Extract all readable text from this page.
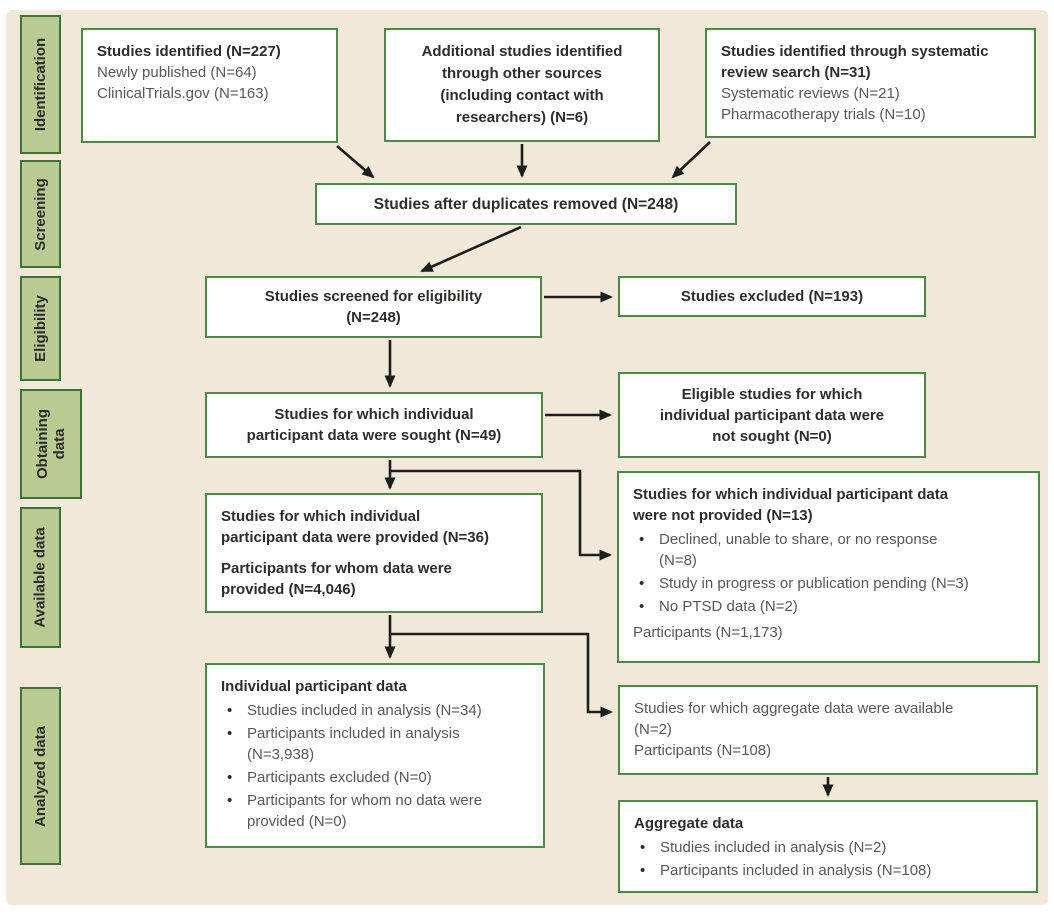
Identification
Screening
Eligibility
Obtaining data
Available data
Analyzed data
Studies identified (N=227)
Newly published (N=64)
ClinicalTrials.gov (N=163)
Additional studies identified
through other sources
(including contact with
researchers) (N=6)
Studies identified through systematic
review search (N=31)
Systematic reviews (N=21)
Pharmacotherapy trials (N=10)
Studies after duplicates removed (N=248)
Studies screened for eligibility
(N=248)
Studies excluded (N=193)
Studies for which individual
participant data were sought (N=49)
Eligible studies for which
individual participant data were
not sought (N=0)
Studies for which individual
participant data were provided (N=36)
Participants for whom data were
provided (N=4,046)
Studies for which individual participant data
were not provided (N=13)
• Declined, unable to share, or no response
(N=8)
• Study in progress or publication pending (N=3)
• No PTSD data (N=2)
Participants (N=1,173)
Individual participant data
• Studies included in analysis (N=34)
• Participants included in analysis
(N=3,938)
• Participants excluded (N=0)
• Participants for whom no data were
provided (N=0)
Studies for which aggregate data were available
(N=2)
Participants (N=108)
Aggregate data
• Studies included in analysis (N=2)
• Participants included in analysis (N=108)
